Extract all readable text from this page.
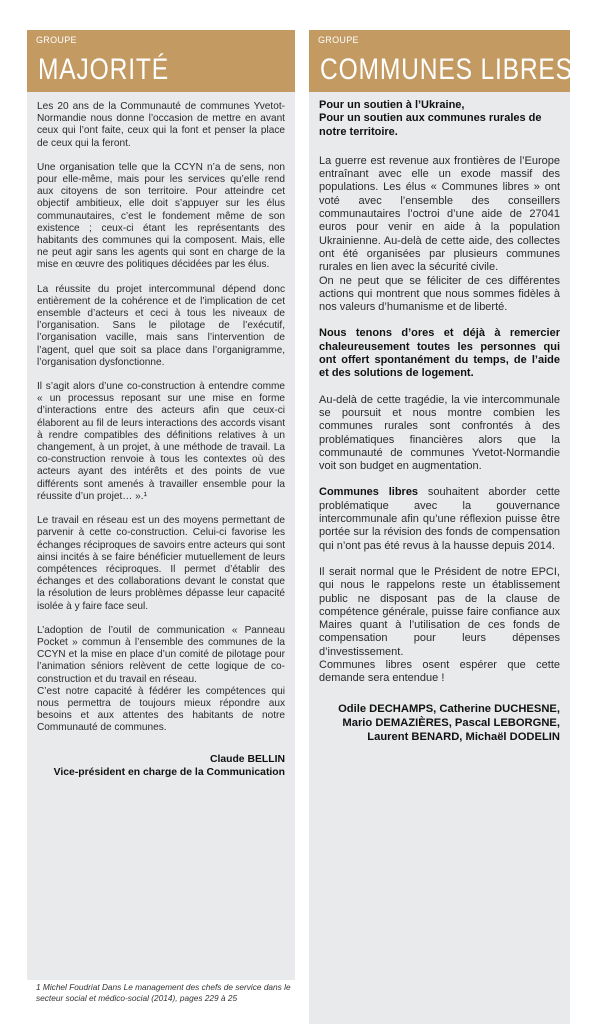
GROUPE
MAJORITÉ

Les 20 ans de la Communauté de communes Yvetot-Normandie nous donne l’occasion de mettre en avant ceux qui l’ont faite, ceux qui la font et penser la place de ceux qui la feront.

Une organisation telle que la CCYN n’a de sens, non pour elle-même, mais pour les services qu’elle rend aux citoyens de son territoire. Pour atteindre cet objectif ambitieux, elle doit s’appuyer sur les élus communautaires, c’est le fondement même de son existence ; ceux-ci étant les représentants des habitants des communes qui la composent. Mais, elle ne peut agir sans les agents qui sont en charge de la mise en œuvre des politiques décidées par les élus.

La réussite du projet intercommunal dépend donc entièrement de la cohérence et de l’implication de cet ensemble d’acteurs et ceci à tous les niveaux de l’organisation. Sans le pilotage de l’exécutif, l’organisation vacille, mais sans l’intervention de l’agent, quel que soit sa place dans l’organigramme, l’organisation dysfonctionne.

Il s’agit alors d’une co-construction à entendre comme « un processus reposant sur une mise en forme d’interactions entre des acteurs afin que ceux-ci élaborent au fil de leurs interactions des accords visant à rendre compatibles des définitions relatives à un changement, à un projet, à une méthode de travail. La co-construction renvoie à tous les contextes où des acteurs ayant des intérêts et des points de vue différents sont amenés à travailler ensemble pour la réussite d’un projet… ».¹

Le travail en réseau est un des moyens permettant de parvenir à cette co-construction. Celui-ci favorise les échanges réciproques de savoirs entre acteurs qui sont ainsi incités à se faire bénéficier mutuellement de leurs compétences réciproques. Il permet d’établir des échanges et des collaborations devant le constat que la résolution de leurs problèmes dépasse leur capacité isolée à y faire face seul.

L’adoption de l’outil de communication « Panneau Pocket » commun à l’ensemble des communes de la CCYN et la mise en place d’un comité de pilotage pour l’animation séniors relèvent de cette logique de co-construction et du travail en réseau.
C’est notre capacité à fédérer les compétences qui nous permettra de toujours mieux répondre aux besoins et aux attentes des habitants de notre Communauté de communes.

Claude BELLIN
Vice-président en charge de la Communication
1 Michel Foudriat Dans Le management des chefs de service dans le secteur social et médico-social (2014), pages 229 à 25
GROUPE
COMMUNES LIBRES !

Pour un soutien à l’Ukraine,
Pour un soutien aux communes rurales de notre territoire.

La guerre est revenue aux frontières de l’Europe entraînant avec elle un exode massif des populations. Les élus « Communes libres » ont voté avec l’ensemble des conseillers communautaires l’octroi d’une aide de 27041 euros pour venir en aide à la population Ukrainienne. Au-delà de cette aide, des collectes ont été organisées par plusieurs communes rurales en lien avec la sécurité civile.
On ne peut que se féliciter de ces différentes actions qui montrent que nous sommes fidèles à nos valeurs d’humanisme et de liberté.

Nous tenons d’ores et déjà à remercier chaleureusement toutes les personnes qui ont offert spontanément du temps, de l’aide et des solutions de logement.

Au-delà de cette tragédie, la vie intercommunale se poursuit et nous montre combien les communes rurales sont confrontés à des problématiques financières alors que la communauté de communes Yvetot-Normandie voit son budget en augmentation.

Communes libres souhaitent aborder cette problématique avec la gouvernance intercommunale afin qu’une réflexion puisse être portée sur la révision des fonds de compensation qui n’ont pas été revus à la hausse depuis 2014.

Il serait normal que le Président de notre EPCI, qui nous le rappelons reste un établissement public ne disposant pas de la clause de compétence générale, puisse faire confiance aux Maires quant à l’utilisation de ces fonds de compensation pour leurs dépenses d’investissement.
Communes libres osent espérer que cette demande sera entendue !

Odile DECHAMPS, Catherine DUCHESNE,
Mario DEMAZIÈRES, Pascal LEBORGNE,
Laurent BENARD, Michaël DODELIN
